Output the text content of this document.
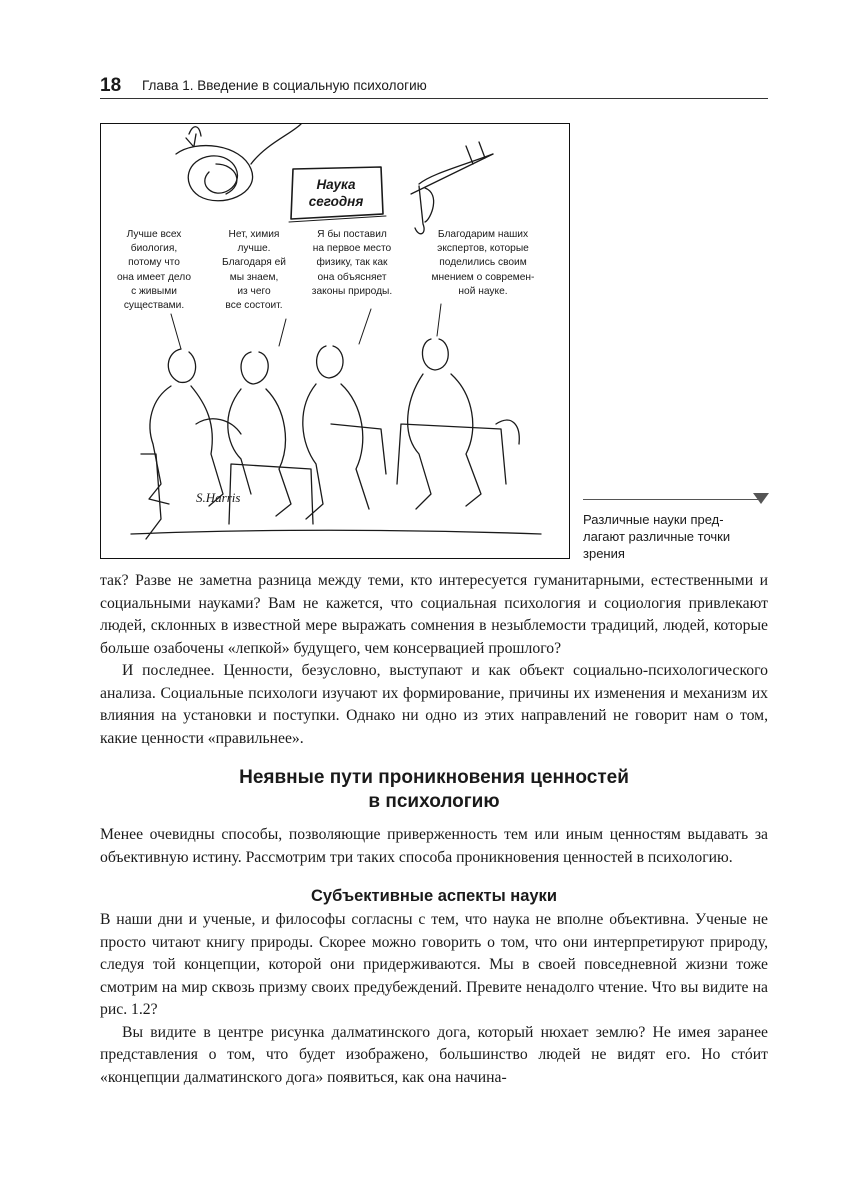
18 Глава 1. Введение в социальную психологию
S.Harris
Наука
сегодня
Лучше всех
биология,
потому что
она имеет дело
с живыми
существами.
Нет, химия
лучше.
Благодаря ей
мы знаем,
из чего
все состоит.
Я бы поставил
на первое место
физику, так как
она объясняет
законы природы.
Благодарим наших
экспертов, которые
поделились своим
мнением о современ-
ной науке.
Различные науки пред-
лагают различные точки
зрения

так? Разве не заметна разница между теми, кто интересуется гуманитарными, естественными и социальными науками? Вам не кажется, что социальная психология и социология привлекают людей, склонных в известной мере выражать сомнения в незыблемости традиций, людей, которые больше озабочены «лепкой» будущего, чем консервацией прошлого?

И последнее. Ценности, безусловно, выступают и как объект социально-психологического анализа. Социальные психологи изучают их формирование, причины их изменения и механизм их влияния на установки и поступки. Однако ни одно из этих направлений не говорит нам о том, какие ценности «правильнее».

Неявные пути проникновения ценностей
в психологию

Менее очевидны способы, позволяющие приверженность тем или иным ценностям выдавать за объективную истину. Рассмотрим три таких способа проникновения ценностей в психологию.

Субъективные аспекты науки

В наши дни и ученые, и философы согласны с тем, что наука не вполне объективна. Ученые не просто читают книгу природы. Скорее можно говорить о том, что они интерпретируют природу, следуя той концепции, которой они придерживаются. Мы в своей повседневной жизни тоже смотрим на мир сквозь призму своих предубеждений. Превите ненадолго чтение. Что вы видите на рис. 1.2?

Вы видите в центре рисунка далматинского дога, который нюхает землю? Не имея заранее представления о том, что будет изображено, большинство людей не видят его. Но стóит «концепции далматинского дога» появиться, как она начина-
